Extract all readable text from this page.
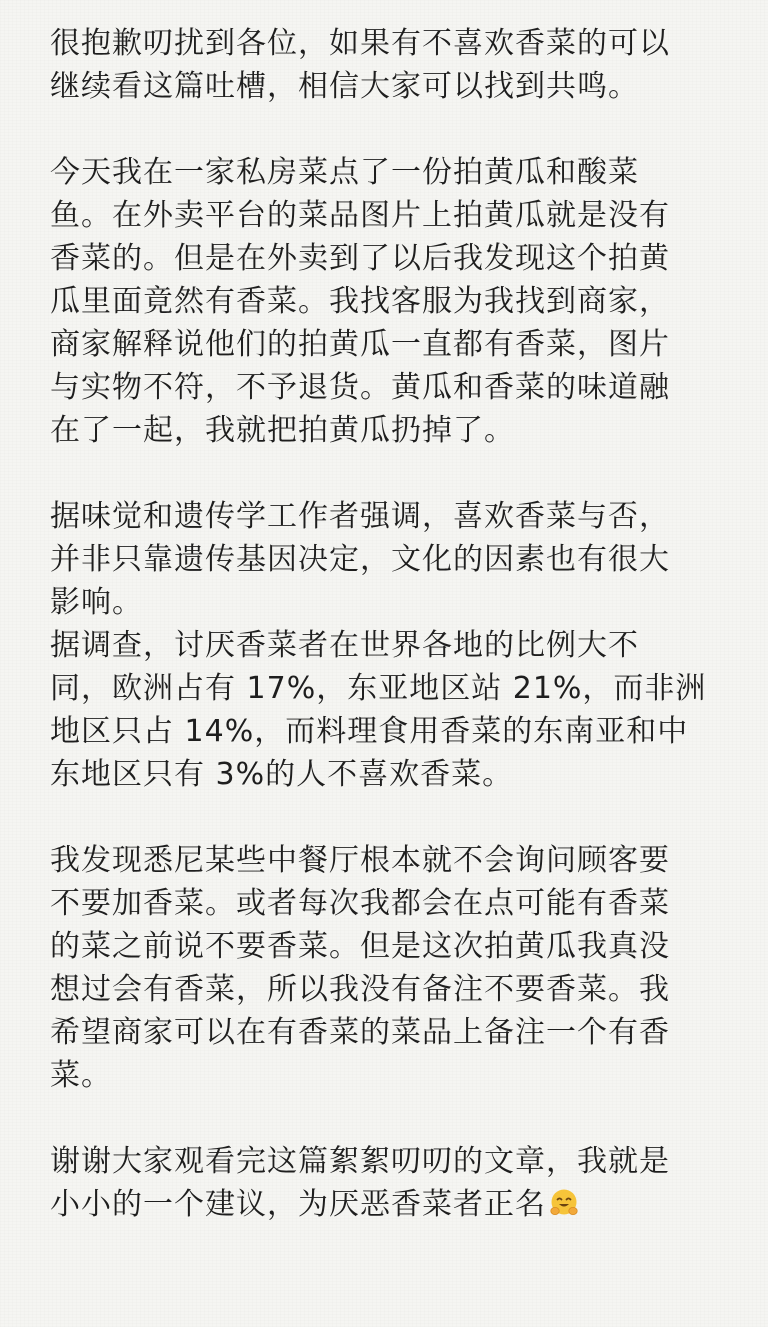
很抱歉叨扰到各位，如果有不喜欢香菜的可以
继续看这篇吐槽，相信大家可以找到共鸣。
今天我在一家私房菜点了一份拍黄瓜和酸菜
鱼。在外卖平台的菜品图片上拍黄瓜就是没有
香菜的。但是在外卖到了以后我发现这个拍黄
瓜里面竟然有香菜。我找客服为我找到商家，
商家解释说他们的拍黄瓜一直都有香菜，图片
与实物不符，不予退货。黄瓜和香菜的味道融
在了一起，我就把拍黄瓜扔掉了。
据味觉和遗传学工作者强调，喜欢香菜与否，
并非只靠遗传基因决定，文化的因素也有很大
影响。
据调查，讨厌香菜者在世界各地的比例大不
同，欧洲占有 17%，东亚地区站 21%，而非洲
地区只占 14%，而料理食用香菜的东南亚和中
东地区只有 3%的人不喜欢香菜。
我发现悉尼某些中餐厅根本就不会询问顾客要
不要加香菜。或者每次我都会在点可能有香菜
的菜之前说不要香菜。但是这次拍黄瓜我真没
想过会有香菜，所以我没有备注不要香菜。我
希望商家可以在有香菜的菜品上备注一个有香
菜。
谢谢大家观看完这篇絮絮叨叨的文章，我就是
小小的一个建议，为厌恶香菜者正名
